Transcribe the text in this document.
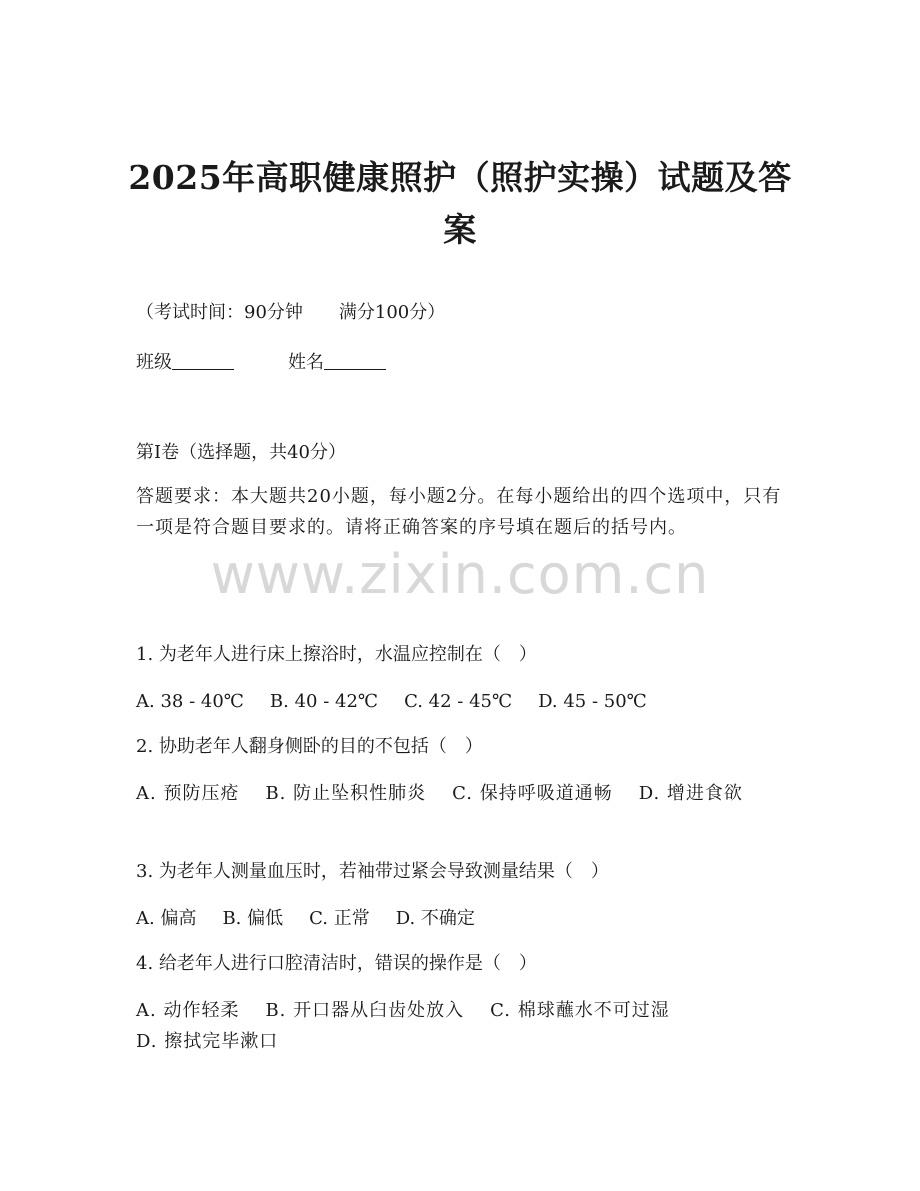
2025年高职健康照护（照护实操）试题及答案
（考试时间：90分钟　　满分100分）
班级	姓名
第Ⅰ卷（选择题，共40分）
答题要求：本大题共20小题，每小题2分。在每小题给出的四个选项中，只有一项是符合题目要求的。请将正确答案的序号填在题后的括号内。
www.zixin.com.cn
1. 为老年人进行床上擦浴时，水温应控制在（　）
A. 38 - 40℃ B. 40 - 42℃ C. 42 - 45℃ D. 45 - 50℃
2. 协助老年人翻身侧卧的目的不包括（　）
A. 预防压疮 B. 防止坠积性肺炎 C. 保持呼吸道通畅 D. 增进食欲
3. 为老年人测量血压时，若袖带过紧会导致测量结果（　）
A. 偏高 B. 偏低 C. 正常 D. 不确定
4. 给老年人进行口腔清洁时，错误的操作是（　）
A. 动作轻柔 B. 开口器从臼齿处放入 C. 棉球蘸水不可过湿
D. 擦拭完毕漱口
